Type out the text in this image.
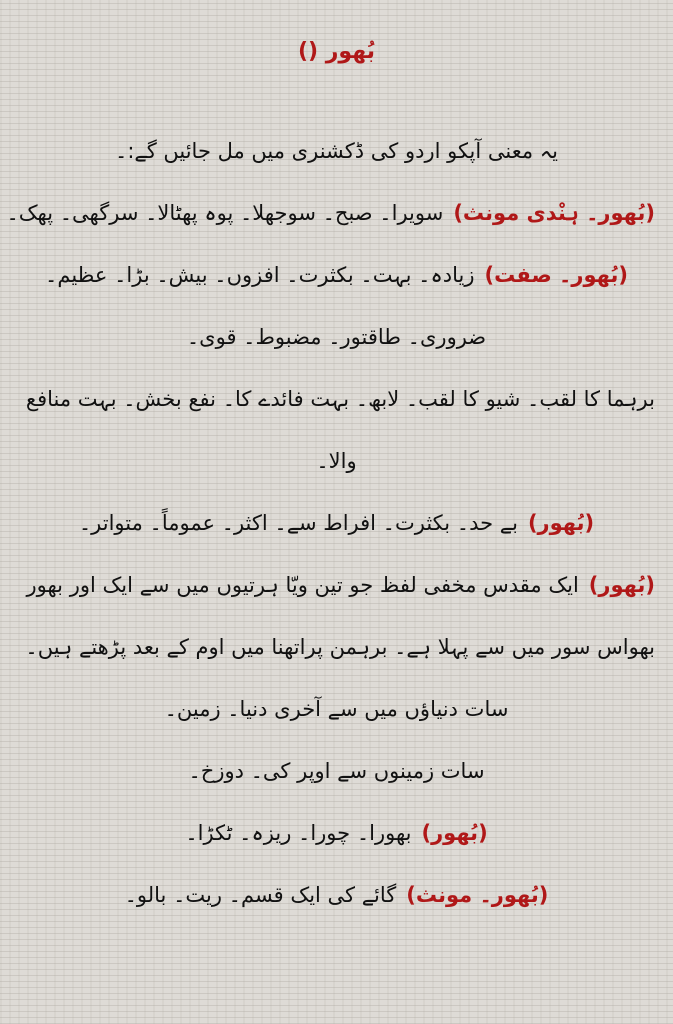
بُھور ()
یہ معنی آپکو اردو کی ڈکشنری میں مل جائیں گے:۔
(بُھور۔ ہنْدی مونث)سویرا۔ صبح۔ سوجھلا۔ پوہ پھٹالا۔ سرگھی۔ پھک۔
(بُھور۔ صفت)زیادہ۔ بہت۔ بکثرت۔ افزوں۔ بیش۔ بڑا۔ عظیم۔
ضروری۔ طاقتور۔ مضبوط۔ قوی۔
برہما کا لقب۔ شیو کا لقب۔ لابھ۔ بہت فائدے کا۔ نفع بخش۔ بہت منافع
والا۔
(بُھور)بے حد۔ بکثرت۔ افراط سے۔ اکثر۔ عموماً۔ متواتر۔
(بُھور)ایک مقدس مخفی لفظ جو تین ویّا ہرتیوں میں سے ایک اور بھور
بھواس سور میں سے پہلا ہے۔ برہمن پراتھنا میں اوم کے بعد پڑھتے ہیں۔
سات دنیاؤں میں سے آخری دنیا۔ زمین۔
سات زمینوں سے اوپر کی۔ دوزخ۔
(بُھور)بھورا۔ چورا۔ ریزہ۔ ٹکڑا۔
(بُھور۔ مونث)گائے کی ایک قسم۔ ریت۔ بالو۔
